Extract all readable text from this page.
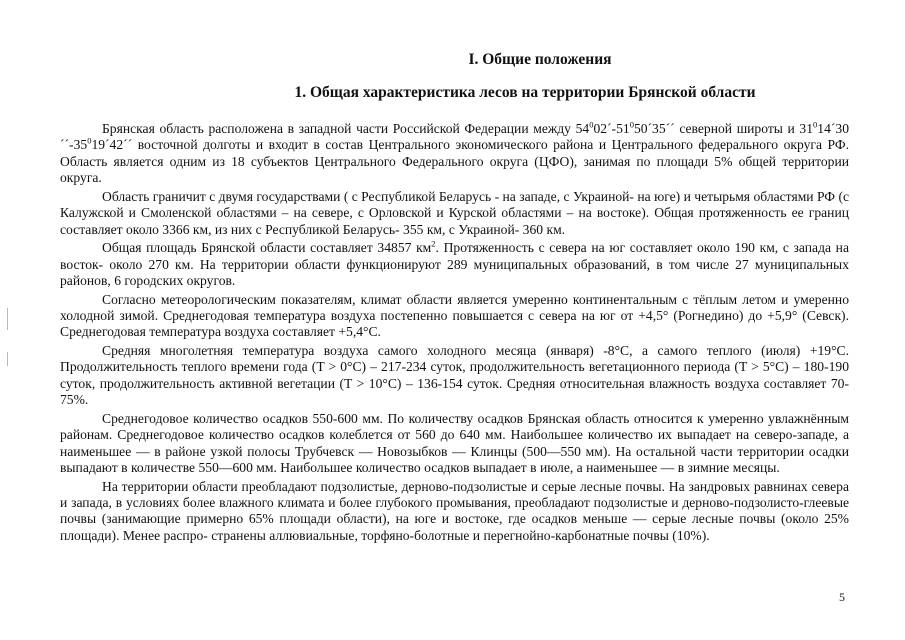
I. Общие положения
1. Общая характеристика лесов на территории Брянской области

Брянская область расположена в западной части Российской Федерации между $54^002´-51^050´35´´$ северной широты и $31^014´30´´-35^019´42´´$ восточной долготы и входит в состав Центрального экономического района и Центрального федерального округа РФ. Область является одним из 18 субъектов Центрального Федерального округа (ЦФО), занимая по площади 5% общей территории округа.

Область граничит с двумя государствами ( с Республикой Беларусь - на западе, с Украиной- на юге) и четырьмя областями РФ (с Калужской и Смоленской областями – на севере, с Орловской и Курской областями – на востоке). Общая протяженность ее границ составляет около 3366 км, из них с Республикой Беларусь- 355 км, с Украиной- 360 км.

Общая площадь Брянской области составляет 34857 $км^2$. Протяженность с севера на юг составляет около 190 км, с запада на восток- около 270 км. На территории области функционируют 289 муниципальных образований, в том числе 27 муниципальных районов, 6 городских округов.

Согласно метеорологическим показателям, климат области является умеренно континентальным с тёплым летом и умеренно холодной зимой. Среднегодовая температура воздуха постепенно повышается с севера на юг от +4,5° (Рогнедино) до +5,9° (Севск). Среднегодовая температура воздуха составляет +5,4°С.

Средняя многолетняя температура воздуха самого холодного месяца (января) -8°С, а самого теплого (июля) +19°С. Продолжительность теплого времени года (T > 0°С) – 217-234 суток, продолжительность вегетационного периода (T > 5°С) – 180-190 суток, продолжительность активной вегетации (T > 10°С) – 136-154 суток. Средняя относительная влажность воздуха составляет 70-75%.

Среднегодовое количество осадков 550-600 мм. По количеству осадков Брянская область относится к умеренно увлажнённым районам. Среднегодовое количество осадков колеблется от 560 до 640 мм. Наибольшее количество их выпадает на северо-западе, а наименьшее — в районе узкой полосы Трубчевск — Новозыбков — Клинцы (500—550 мм). На остальной части территории осадки выпадают в количестве 550—600 мм. Наибольшее количество осадков выпадает в июле, а наименьшее — в зимние месяцы.

На территории области преобладают подзолистые, дерново-подзолистые и серые лесные почвы. На зандровых равнинах севера и запада, в условиях более влажного климата и более глубокого промывания, преобладают подзолистые и дерново-подзолисто-глеевые почвы (занимающие примерно 65% площади области), на юге и востоке, где осадков меньше — серые лесные почвы (около 25% площади). Менее распро- странены аллювиальные, торфяно-болотные и перегнойно-карбонатные почвы (10%).

5
